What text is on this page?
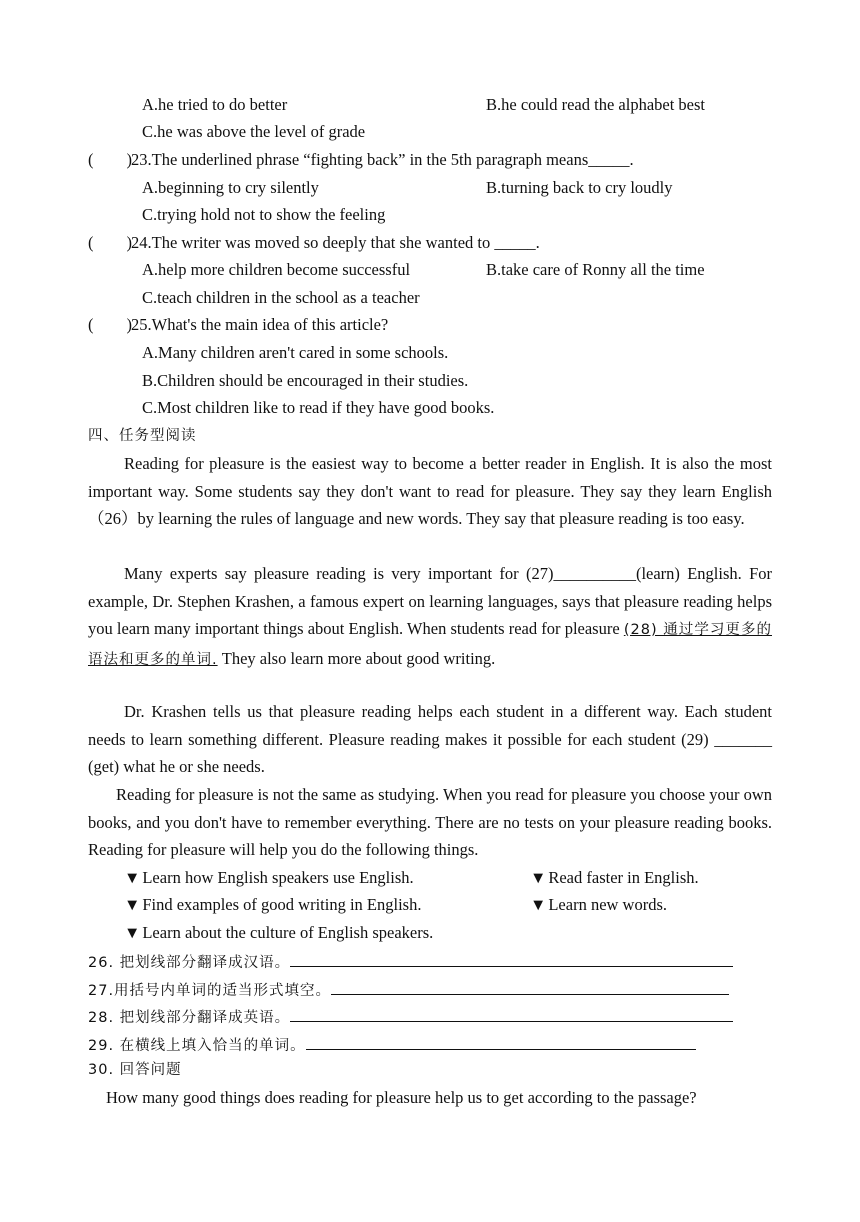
A.he tried to do better	B.he could read the alphabet best
C.he was above the level of grade
(        ) 23.The underlined phrase “fighting back” in the 5th paragraph means_____.
A.beginning to cry silently	B.turning back to cry loudly
C.trying hold not to show the feeling
(        ) 24.The writer was moved so deeply that she wanted to _____.
A.help more children become successful	B.take care of Ronny all the time
C.teach children in the school as a teacher
(        ) 25.What's the main idea of this article?
A.Many children aren't cared in some schools.
B.Children should be encouraged in their studies.
C.Most children like to read if they have good books.
四、任务型阅读
Reading for pleasure is the easiest way to become a better reader in English. It is also the most important way. Some students say they don't want to read for pleasure. They say they learn English （26）by learning the rules of language and new words. They say that pleasure reading is too easy.
Many experts say pleasure reading is very important for (27)__________(learn) English. For example, Dr. Stephen Krashen, a famous expert on learning languages, says that pleasure reading helps you learn many important things about English. When students read for pleasure (28) 通过学习更多的语法和更多的单词. They also learn more about good writing.
Dr. Krashen tells us that pleasure reading helps each student in a different way. Each student needs to learn something different. Pleasure reading makes it possible for each student (29) _______ (get) what he or she needs.
Reading for pleasure is not the same as studying. When you read for pleasure you choose your own books, and you don't have to remember everything. There are no tests on your pleasure reading books. Reading for pleasure will help you do the following things.
▼ Learn how English speakers use English.	▼ Read faster in English.
▼ Find examples of good writing in English.	▼ Learn new words.
▼ Learn about the culture of English speakers.
26. 把划线部分翻译成汉语。
27.用括号内单词的适当形式填空。
28. 把划线部分翻译成英语。
29. 在横线上填入恰当的单词。
30. 回答问题
How many good things does reading for pleasure help us to get according to the passage?
